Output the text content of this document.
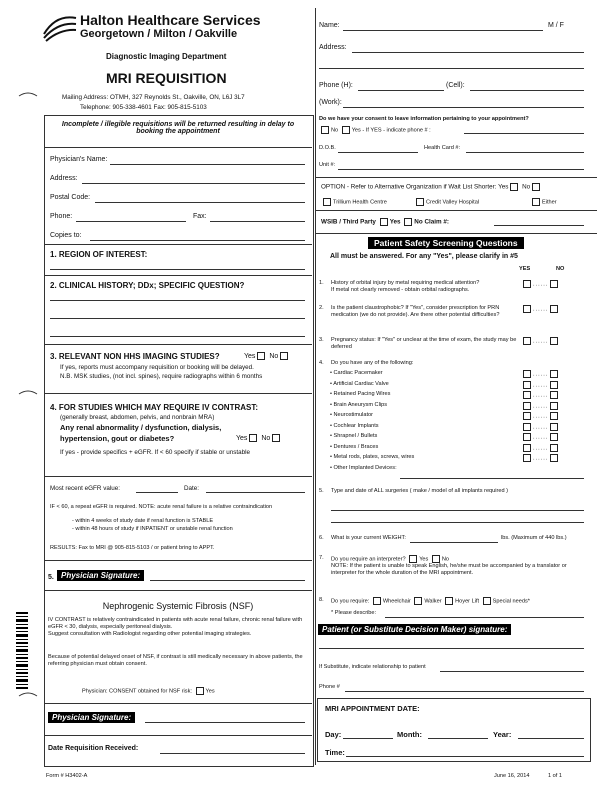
Halton Healthcare Services
Georgetown / Milton / Oakville
Diagnostic Imaging Department
MRI REQUISITION
Mailing Address: OTMH, 327 Reynolds St., Oakville, ON, L6J 3L7
Telephone: 905-338-4601 Fax: 905-815-5103
Incomplete / illegible requisitions will be returned resulting in delay to booking the appointment
Physician's Name:
Address:
Postal Code:
Phone:	Fax:
Copies to:
1. REGION OF INTEREST:
2. CLINICAL HISTORY; DDx; SPECIFIC QUESTION?
3. RELEVANT NON HHS IMAGING STUDIES?	Yes No
If yes, reports must accompany requisition or booking will be delayed.
N.B. MSK studies, (not incl. spines), require radiographs within 6 months
4. FOR STUDIES WHICH MAY REQUIRE IV CONTRAST:
(generally breast, abdomen, pelvis, and nonbrain MRA)
Any renal abnormality / dysfunction, dialysis,
hypertension, gout or diabetes?	Yes No
If yes - provide specifics + eGFR. If < 60 specify if stable or unstable
Most recent eGFR value:	Date:
IF < 60, a repeat eGFR is required. NOTE: acute renal failure is a relative contraindication
- within 4 weeks of study date if renal function is STABLE
- within 48 hours of study if INPATIENT or unstable renal function
RESULTS: Fax to MRI @ 905-815-5103 / or patient bring to APPT.
5. Physician Signature:
Nephrogenic Systemic Fibrosis (NSF)
IV CONTRAST is relatively contraindicated in patients with acute renal failure, chronic renal failure with eGFR < 30, dialysis, especially peritoneal dialysis.
Suggest consultation with Radiologist regarding other potential imaging strategies.
Because of potential delayed onset of NSF, if contrast is still medically necessary in above patients, the referring physician must obtain consent.
Physician: CONSENT obtained for NSF risk: Yes
Physician Signature:
Date Requisition Received:
Form # H3402-A	June 16, 2014	1 of 1
Name:	M / F
Address:
Phone (H):	(Cell):
(Work):
Do we have your consent to leave information pertaining to your appointment?
No Yes - If YES - indicate phone # :
D.O.B.	Health Card #:
Unit #:
OPTION - Refer to Alternative Organization if Wait List Shorter: Yes No
Trillium Health Centre	Credit Valley Hospital	Either
WSIB / Third Party Yes No Claim #:
Patient Safety Screening Questions
All must be answered. For any "Yes", please clarify in #5
YES	NO
1. History of orbital injury by metal requiring medical attention?
If metal not clearly removed - obtain orbital radiographs.
......
2. Is the patient claustrophobic? If "Yes", consider prescription for PRN medication (we do not provide). Are there other potential difficulties?
......
3. Pregnancy status: If "Yes" or unclear at the time of exam, the study may be deferred
......
4. Do you have any of the following:
• Cardiac Pacemaker	......
• Artificial Cardiac Valve	......
• Retained Pacing Wires	......
• Brain Aneurysm Clips	......
• Neurostimulator	......
• Cochlear Implants	......
• Shrapnel / Bullets	......
• Dentures / Braces	......
• Metal rods, plates, screws, wires	......
• Other Implanted Devices:
5. Type and date of ALL surgeries ( make / model of all implants required )
6. What is your current WEIGHT:	lbs. (Maximum of 440 lbs.)
7. Do you require an interpreter? Yes No
NOTE: If the patient is unable to speak English, he/she must be accompanied by a translator or interpreter for the whole duration of the MRI appointment.
8. Do you require: Wheelchair Walker Hoyer Lift Special needs*
* Please describe:
Patient (or Substitute Decision Maker) signature:
If Substitute, indicate relationship to patient
Phone #
MRI APPOINTMENT DATE:
Day:	Month:	Year:
Time:
